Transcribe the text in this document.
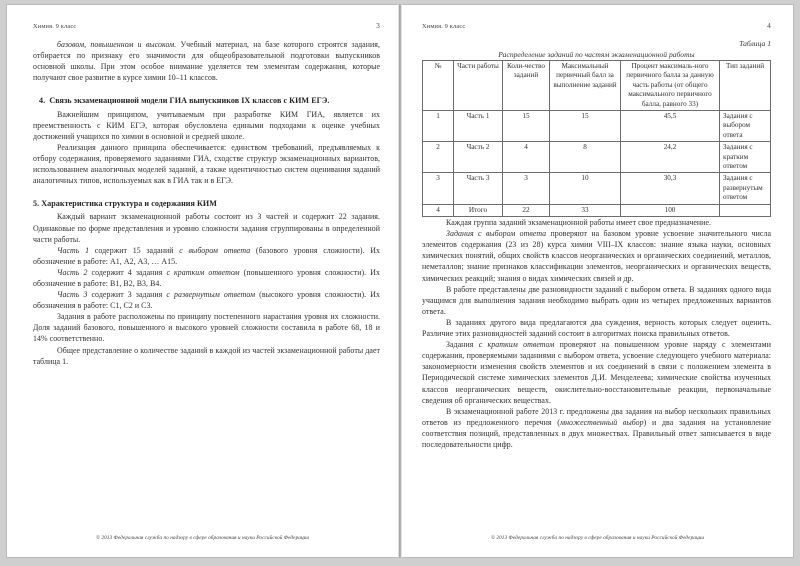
Химия. 9 класс	3

базовом, повышенном и высоком. Учебный материал, на базе которого строятся задания, отбирается по признаку его значимости для общеобразовательной подготовки выпускников основной школы. При этом особое внимание уделяется тем элементам содержания, которые получают свое развитие в курсе химии 10–11 классов.

4. Связь экзаменационной модели ГИА выпускников IX классов с КИМ ЕГЭ.

Важнейшим принципом, учитываемым при разработке КИМ ГИА, является их преемственность с КИМ ЕГЭ, которая обусловлена едиными подходами к оценке учебных достижений учащихся по химии в основной и средней школе.

Реализация данного принципа обеспечивается: единством требований, предъявляемых к отбору содержания, проверяемого заданиями ГИА, сходстве структур экзаменационных вариантов, использованием аналогичных моделей заданий, а также идентичностью систем оценивания заданий аналогичных типов, используемых как в ГИА так и в ЕГЭ.

5. Характеристика структура и содержания КИМ

Каждый вариант экзаменационной работы состоит из 3 частей и содержит 22 задания. Одинаковые по форме представления и уровню сложности задания сгруппированы в определенной части работы.

Часть 1 содержит 15 заданий с выбором ответа (базового уровня сложности). Их обозначение в работе: А1, А2, А3, … А15.

Часть 2 содержит 4 задания с кратким ответом (повышенного уровня сложности). Их обозначение в работе: В1, В2, В3, В4.

Часть 3 содержит 3 задания с развернутым ответом (высокого уровня сложности). Их обозначения в работе: С1, С2 и С3.

Задания в работе расположены по принципу постепенного нарастания уровня их сложности. Доля заданий базового, повышенного и высокого уровней сложности составила в работе 68, 18 и 14% соответственно.

Общее представление о количестве заданий в каждой из частей экзаменационной работы дает таблица 1.

© 2013 Федеральная служба по надзору в сфере образования и науки Российской Федерации
Химия. 9 класс	4
Таблица 1
Распределение заданий по частям экзаменационной работы
№	Части работы	Коли-чество заданий	Максимальный первичный балл за выполнение заданий	Процент максималь-ного первичного балла за данную часть работы (от общего максимального первичного балла, равного 33)	Тип заданий
1	Часть 1	15	15	45,5	Задания с выбором ответа
2	Часть 2	4	8	24,2	Задания с кратким ответом
3	Часть 3	3	10	30,3	Задания с развернутым ответом
4	Итого	22	33	100	

Каждая группа заданий экзаменационной работы имеет свое предназначение.

Задания с выбором ответа проверяют на базовом уровне усвоение значительного числа элементов содержания (23 из 28) курса химии VIII–IX классов: знание языка науки, основных химических понятий, общих свойств классов неорганических и органических соединений, металлов, неметаллов; знание признаков классификации элементов, неорганических и органических веществ, химических реакций; знания о видах химических связей и др.

В работе представлены две разновидности заданий с выбором ответа. В заданиях одного вида учащимся для выполнения задания необходимо выбрать один из четырех предложенных вариантов ответа.

В заданиях другого вида предлагаются два суждения, верность которых следует оценить. Различие этих разновидностей заданий состоит в алгоритмах поиска правильных ответов.

Задания с кратким ответом проверяют на повышенном уровне наряду с элементами содержания, проверяемыми заданиями с выбором ответа, усвоение следующего учебного материала: закономерности изменения свойств элементов и их соединений в связи с положением элемента в Периодической системе химических элементов Д.И. Менделеева; химические свойства изученных классов неорганических веществ, окислительно-восстановительные реакции, первоначальные сведения об органических веществах.

В экзаменационной работе 2013 г. предложены два задания на выбор нескольких правильных ответов из предложенного перечня (множественный выбор) и два задания на установление соответствия позиций, представленных в двух множествах. Правильный ответ записывается в виде последовательности цифр.

© 2013 Федеральная служба по надзору в сфере образования и науки Российской Федерации
